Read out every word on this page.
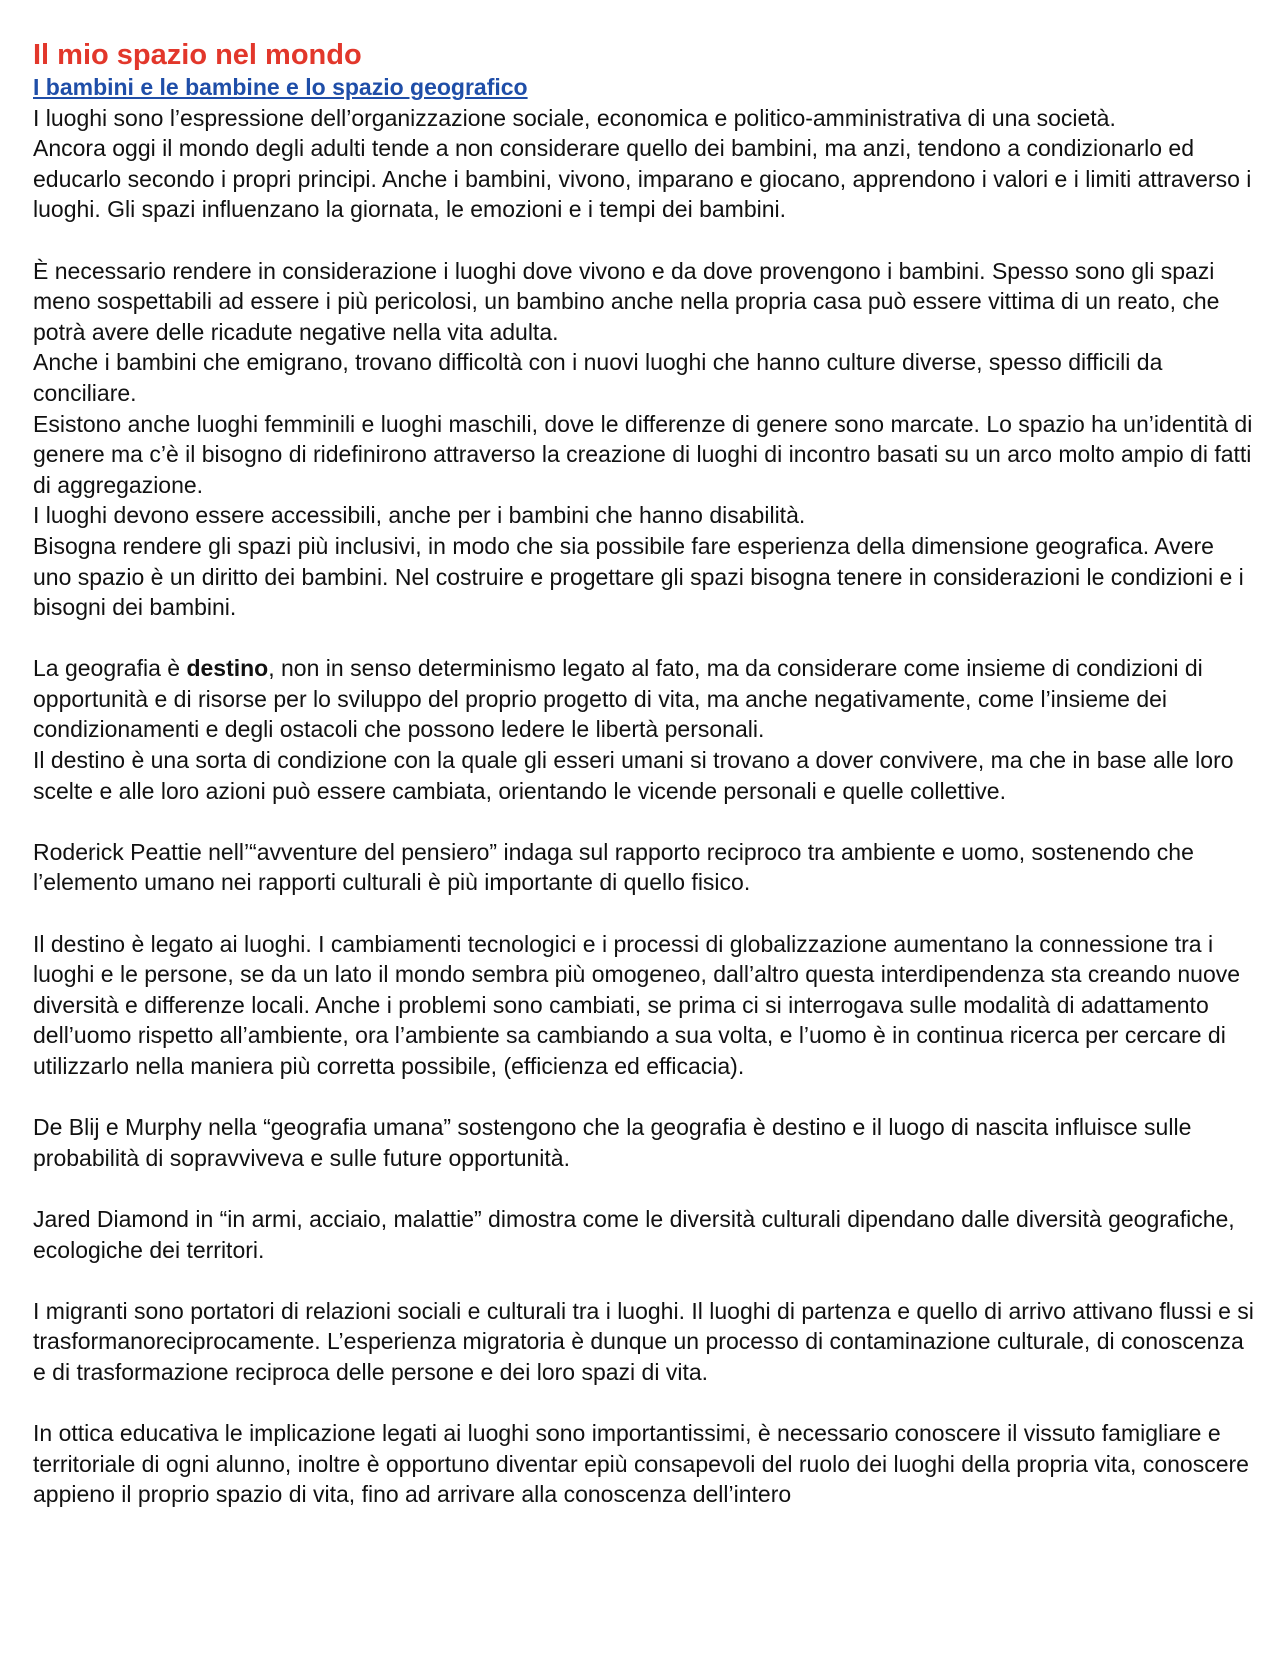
Il mio spazio nel mondo
I bambini e le bambine e lo spazio geografico

I luoghi sono l’espressione dell’organizzazione sociale, economica e politico-amministrativa di una società.

Ancora oggi il mondo degli adulti tende a non considerare quello dei bambini, ma anzi, tendono a condizionarlo ed educarlo secondo i propri principi. Anche i bambini, vivono, imparano e giocano, apprendono i valori e i limiti attraverso i luoghi. Gli spazi influenzano la giornata, le emozioni e i tempi dei bambini.

È necessario rendere in considerazione i luoghi dove vivono e da dove provengono i bambini. Spesso sono gli spazi meno sospettabili ad essere i più pericolosi, un bambino anche nella propria casa può essere vittima di un reato, che potrà avere delle ricadute negative nella vita adulta.

Anche i bambini che emigrano, trovano difficoltà con i nuovi luoghi che hanno culture diverse, spesso difficili da conciliare.

Esistono anche luoghi femminili e luoghi maschili, dove le differenze di genere sono marcate. Lo spazio ha un’identità di genere ma c’è il bisogno di ridefinirono attraverso la creazione di luoghi di incontro basati su un arco molto ampio di fatti di aggregazione.

I luoghi devono essere accessibili, anche per i bambini che hanno disabilità.

Bisogna rendere gli spazi più inclusivi, in modo che sia possibile fare esperienza della dimensione geografica. Avere uno spazio è un diritto dei bambini. Nel costruire e progettare gli spazi bisogna tenere in considerazioni le condizioni e i bisogni dei bambini.

La geografia è destino, non in senso determinismo legato al fato, ma da considerare come insieme di condizioni di opportunità e di risorse per lo sviluppo del proprio progetto di vita, ma anche negativamente, come l’insieme dei condizionamenti e degli ostacoli che possono ledere le libertà personali.

Il destino è una sorta di condizione con la quale gli esseri umani si trovano a dover convivere, ma che in base alle loro scelte e alle loro azioni può essere cambiata, orientando le vicende personali e quelle collettive.

Roderick Peattie nell’“avventure del pensiero” indaga sul rapporto reciproco tra ambiente e uomo, sostenendo che l’elemento umano nei rapporti culturali è più importante di quello fisico.

Il destino è legato ai luoghi. I cambiamenti tecnologici e i processi di globalizzazione aumentano la connessione tra i luoghi e le persone, se da un lato il mondo sembra più omogeneo, dall’altro questa interdipendenza sta creando nuove diversità e differenze locali. Anche i problemi sono cambiati, se prima ci si interrogava sulle modalità di adattamento dell’uomo rispetto all’ambiente, ora l’ambiente sa cambiando a sua volta, e l’uomo è in continua ricerca per cercare di utilizzarlo nella maniera più corretta possibile, (efficienza ed efficacia).

De Blij e Murphy nella “geografia umana” sostengono che la geografia è destino e il luogo di nascita influisce sulle probabilità di sopravviveva e sulle future opportunità.

Jared Diamond in “in armi, acciaio, malattie” dimostra come le diversità culturali dipendano dalle diversità geografiche, ecologiche dei territori.

I migranti sono portatori di relazioni sociali e culturali tra i luoghi. Il luoghi di partenza e quello di arrivo attivano flussi e si trasformanoreciprocamente. L’esperienza migratoria è dunque un processo di contaminazione culturale, di conoscenza e di trasformazione reciproca delle persone e dei loro spazi di vita.

In ottica educativa le implicazione legati ai luoghi sono importantissimi, è necessario conoscere il vissuto famigliare e territoriale di ogni alunno, inoltre è opportuno diventar epiù consapevoli del ruolo dei luoghi della propria vita, conoscere appieno il proprio spazio di vita, fino ad arrivare alla conoscenza dell’intero
